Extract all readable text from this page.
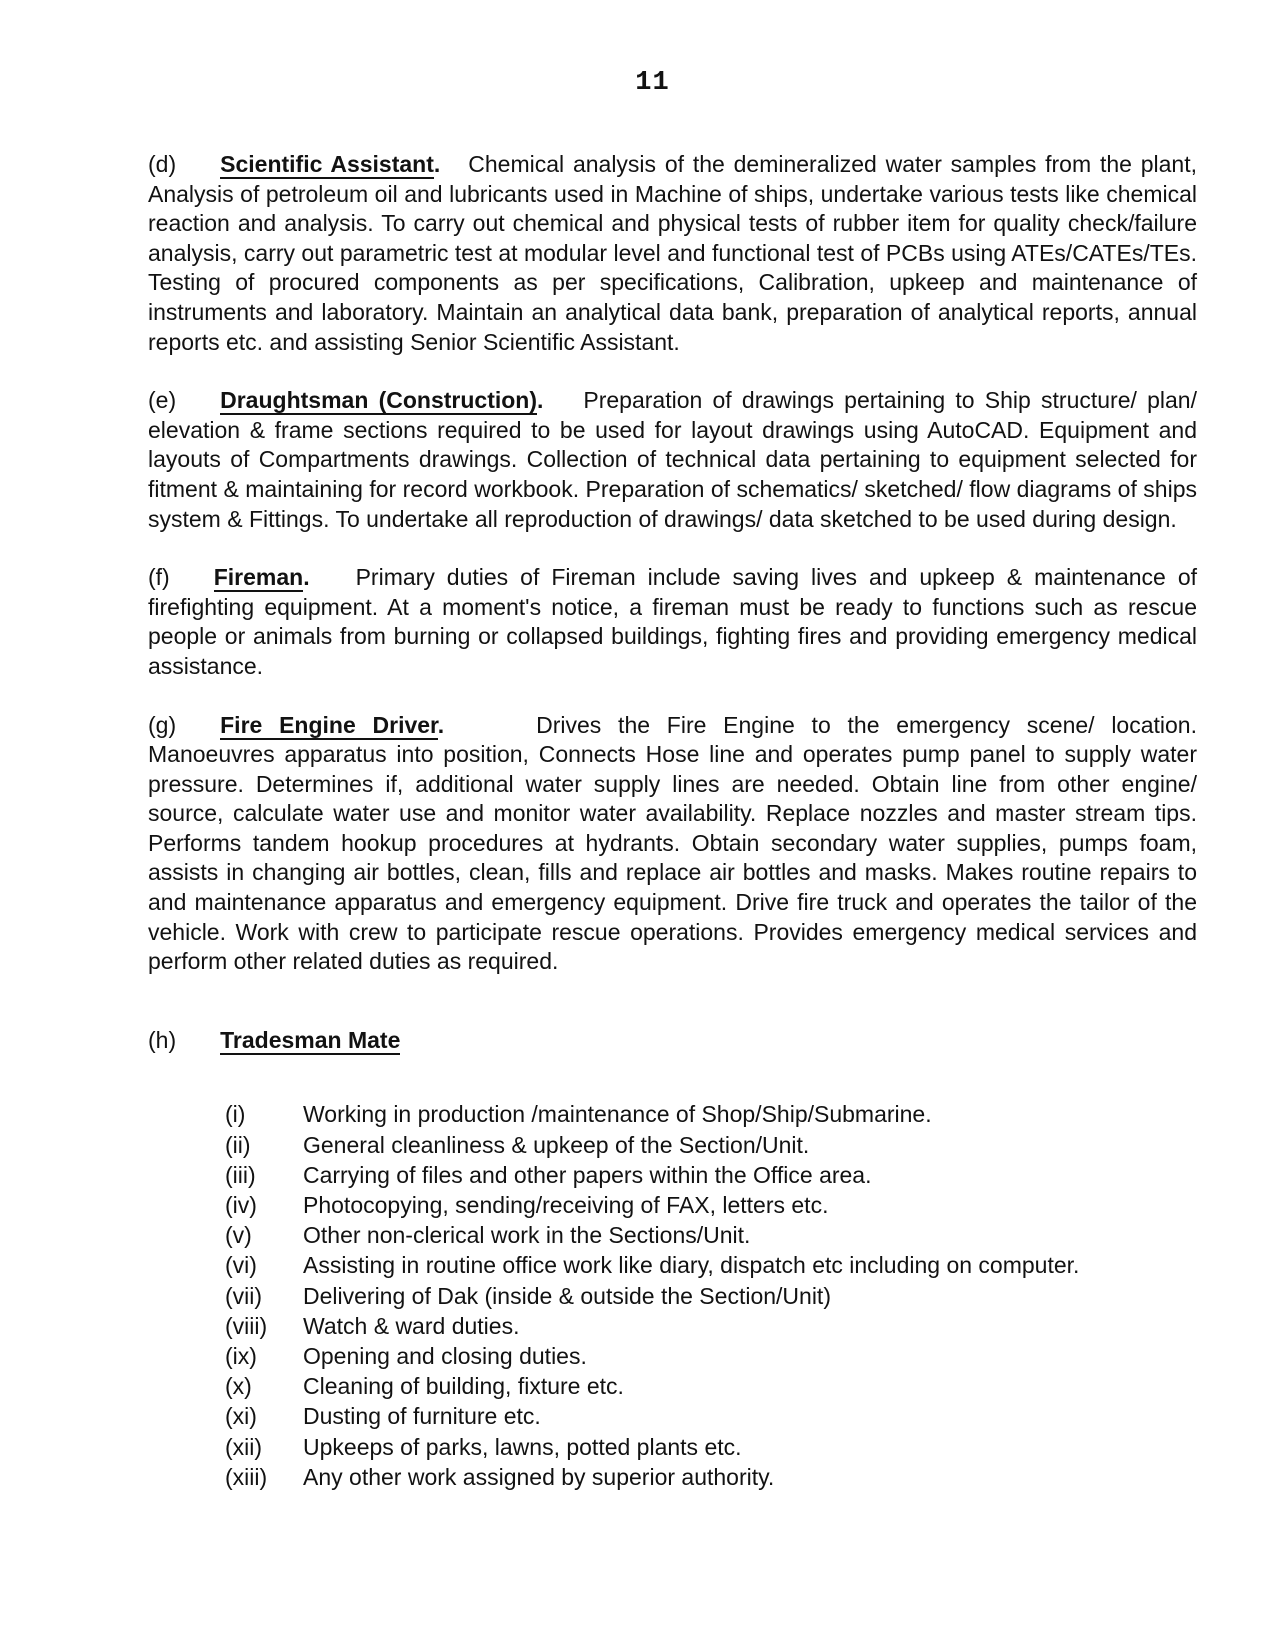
11

(d) Scientific Assistant. Chemical analysis of the demineralized water samples from the plant, Analysis of petroleum oil and lubricants used in Machine of ships, undertake various tests like chemical reaction and analysis. To carry out chemical and physical tests of rubber item for quality check/failure analysis, carry out parametric test at modular level and functional test of PCBs using ATEs/CATEs/TEs. Testing of procured components as per specifications, Calibration, upkeep and maintenance of instruments and laboratory. Maintain an analytical data bank, preparation of analytical reports, annual reports etc. and assisting Senior Scientific Assistant.

(e) Draughtsman (Construction). Preparation of drawings pertaining to Ship structure/ plan/ elevation & frame sections required to be used for layout drawings using AutoCAD. Equipment and layouts of Compartments drawings. Collection of technical data pertaining to equipment selected for fitment & maintaining for record workbook. Preparation of schematics/ sketched/ flow diagrams of ships system & Fittings. To undertake all reproduction of drawings/ data sketched to be used during design.

(f) Fireman. Primary duties of Fireman include saving lives and upkeep & maintenance of firefighting equipment. At a moment's notice, a fireman must be ready to functions such as rescue people or animals from burning or collapsed buildings, fighting fires and providing emergency medical assistance.

(g) Fire Engine Driver.	Drives the Fire Engine to the emergency scene/ location. Manoeuvres apparatus into position, Connects Hose line and operates pump panel to supply water pressure. Determines if, additional water supply lines are needed. Obtain line from other engine/ source, calculate water use and monitor water availability. Replace nozzles and master stream tips. Performs tandem hookup procedures at hydrants. Obtain secondary water supplies, pumps foam, assists in changing air bottles, clean, fills and replace air bottles and masks. Makes routine repairs to and maintenance apparatus and emergency equipment. Drive fire truck and operates the tailor of the vehicle. Work with crew to participate rescue operations. Provides emergency medical services and perform other related duties as required.

(h) Tradesman Mate

(i)	Working in production /maintenance of Shop/Ship/Submarine.
(ii)	General cleanliness & upkeep of the Section/Unit.
(iii)	Carrying of files and other papers within the Office area.
(iv)	Photocopying, sending/receiving of FAX, letters etc.
(v)	Other non-clerical work in the Sections/Unit.
(vi)	Assisting in routine office work like diary, dispatch etc including on computer.
(vii)	Delivering of Dak (inside & outside the Section/Unit)
(viii)	Watch & ward duties.
(ix)	Opening and closing duties.
(x)	Cleaning of building, fixture etc.
(xi)	Dusting of furniture etc.
(xii)	Upkeeps of parks, lawns, potted plants etc.
(xiii)	Any other work assigned by superior authority.
